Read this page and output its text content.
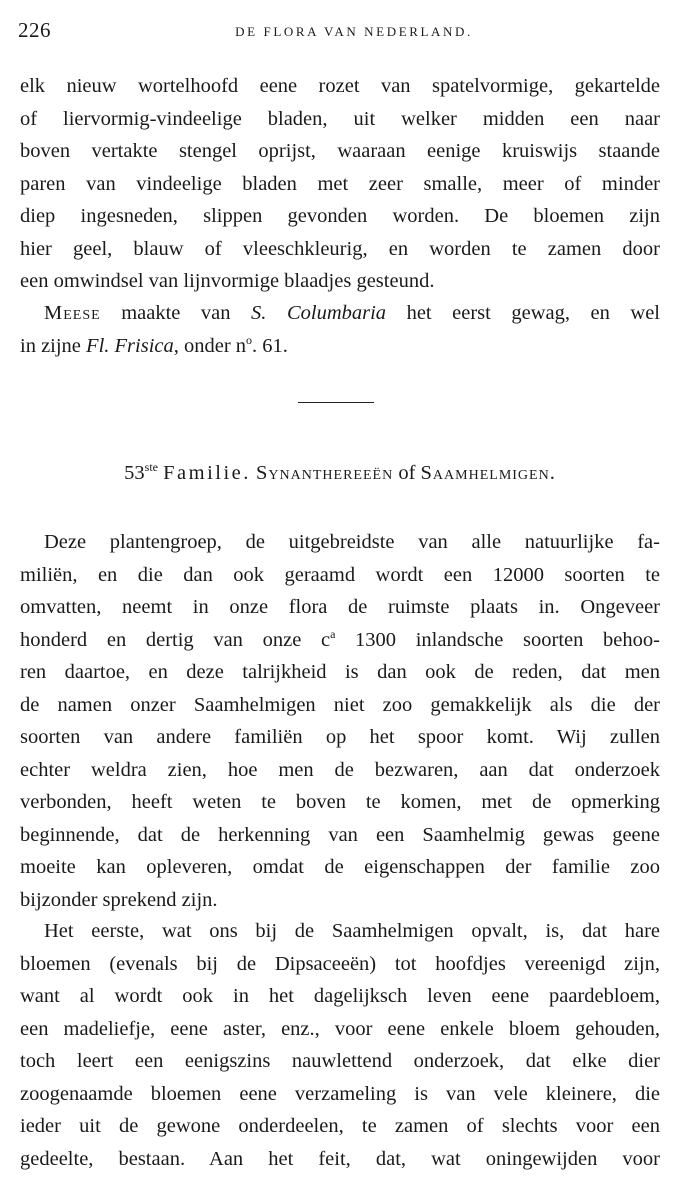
226	DE FLORA VAN NEDERLAND.
elk nieuw wortelhoofd eene rozet van spatelvormige, gekartelde
of liervormig-vindeelige bladen, uit welker midden een naar
boven vertakte stengel oprijst, waaraan eenige kruiswijs staande
paren van vindeelige bladen met zeer smalle, meer of minder
diep ingesneden, slippen gevonden worden. De bloemen zijn
hier geel, blauw of vleeschkleurig, en worden te zamen door
een omwindsel van lijnvormige blaadjes gesteund.
Meese maakte van S. Columbaria het eerst gewag, en wel
in zijne Fl. Frisica, onder $n^o$. 61.
53ste Familie. Synanthereeën of Saamhelmigen.
Deze plantengroep, de uitgebreidste van alle natuurlijke fa-
miliën, en die dan ook geraamd wordt een 12000 soorten te
omvatten, neemt in onze flora de ruimste plaats in. Ongeveer
honderd en dertig van onze $c^a$ 1300 inlandsche soorten behoo-
ren daartoe, en deze talrijkheid is dan ook de reden, dat men
de namen onzer Saamhelmigen niet zoo gemakkelijk als die der
soorten van andere familiën op het spoor komt. Wij zullen
echter weldra zien, hoe men de bezwaren, aan dat onderzoek
verbonden, heeft weten te boven te komen, met de opmerking
beginnende, dat de herkenning van een Saamhelmig gewas geene
moeite kan opleveren, omdat de eigenschappen der familie zoo
bijzonder sprekend zijn.
Het eerste, wat ons bij de Saamhelmigen opvalt, is, dat hare
bloemen (evenals bij de Dipsaceeën) tot hoofdjes vereenigd zijn,
want al wordt ook in het dagelijksch leven eene paardebloem,
een madeliefje, eene aster, enz., voor eene enkele bloem gehouden,
toch leert een eenigszins nauwlettend onderzoek, dat elke dier
zoogenaamde bloemen eene verzameling is van vele kleinere, die
ieder uit de gewone onderdeelen, te zamen of slechts voor een
gedeelte, bestaan. Aan het feit, dat, wat oningewijden voor
